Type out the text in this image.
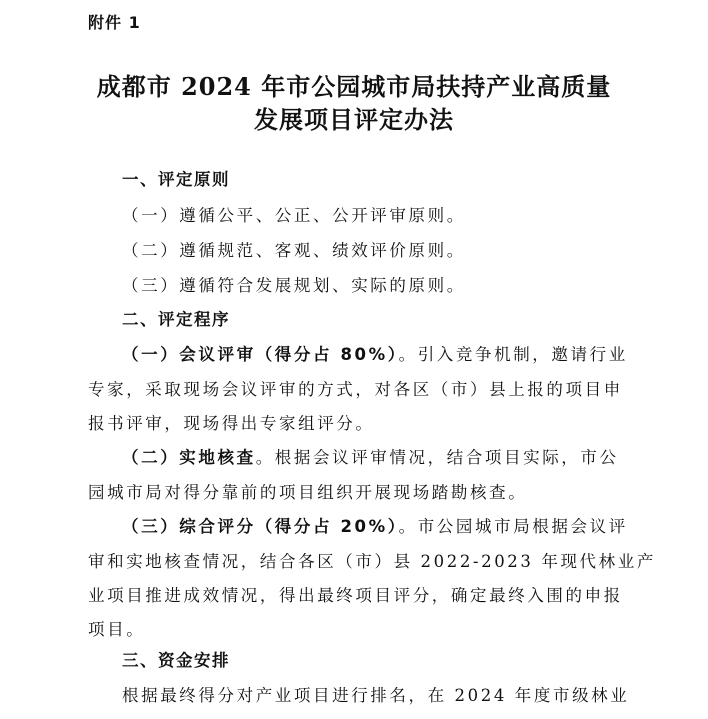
附件 1
成都市 2024 年市公园城市局扶持产业高质量
发展项目评定办法
一、评定原则
（一）遵循公平、公正、公开评审原则。
（二）遵循规范、客观、绩效评价原则。
（三）遵循符合发展规划、实际的原则。
二、评定程序
（一）会议评审（得分占 80%）。引入竞争机制，邀请行业
专家，采取现场会议评审的方式，对各区（市）县上报的项目申
报书评审，现场得出专家组评分。
（二）实地核查。根据会议评审情况，结合项目实际，市公
园城市局对得分靠前的项目组织开展现场踏勘核查。
（三）综合评分（得分占 20%）。市公园城市局根据会议评
审和实地核查情况，结合各区（市）县 2022-2023 年现代林业产
业项目推进成效情况，得出最终项目评分，确定最终入围的申报
项目。
三、资金安排
根据最终得分对产业项目进行排名，在 2024 年度市级林业
